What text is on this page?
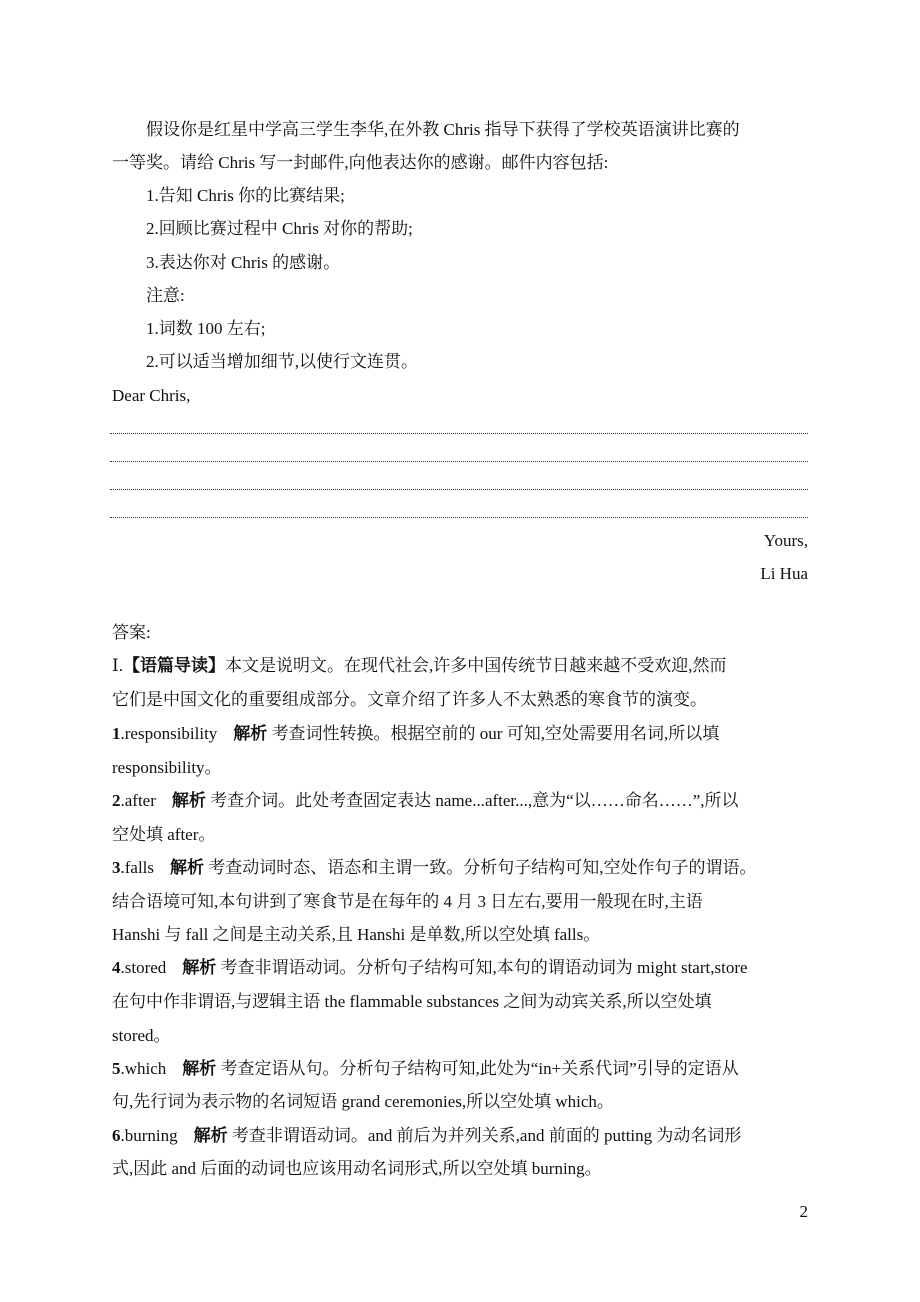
假设你是红星中学高三学生李华,在外教 Chris 指导下获得了学校英语演讲比赛的
一等奖。请给 Chris 写一封邮件,向他表达你的感谢。邮件内容包括:
1.告知 Chris 你的比赛结果;
2.回顾比赛过程中 Chris 对你的帮助;
3.表达你对 Chris 的感谢。
注意:
1.词数 100 左右;
2.可以适当增加细节,以使行文连贯。
Dear Chris,
Yours,
Li Hua
答案:
Ⅰ.【语篇导读】本文是说明文。在现代社会,许多中国传统节日越来越不受欢迎,然而
它们是中国文化的重要组成部分。文章介绍了许多人不太熟悉的寒食节的演变。
1.responsibility 解析 考查词性转换。根据空前的 our 可知,空处需要用名词,所以填
responsibility。
2.after 解析 考查介词。此处考查固定表达 name...after...,意为“以……命名……”,所以
空处填 after。
3.falls 解析 考查动词时态、语态和主谓一致。分析句子结构可知,空处作句子的谓语。
结合语境可知,本句讲到了寒食节是在每年的 4 月 3 日左右,要用一般现在时,主语
Hanshi 与 fall 之间是主动关系,且 Hanshi 是单数,所以空处填 falls。
4.stored 解析 考查非谓语动词。分析句子结构可知,本句的谓语动词为 might start,store
在句中作非谓语,与逻辑主语 the flammable substances 之间为动宾关系,所以空处填
stored。
5.which 解析 考查定语从句。分析句子结构可知,此处为“in+关系代词”引导的定语从
句,先行词为表示物的名词短语 grand ceremonies,所以空处填 which。
6.burning 解析 考查非谓语动词。and 前后为并列关系,and 前面的 putting 为动名词形
式,因此 and 后面的动词也应该用动名词形式,所以空处填 burning。
2
